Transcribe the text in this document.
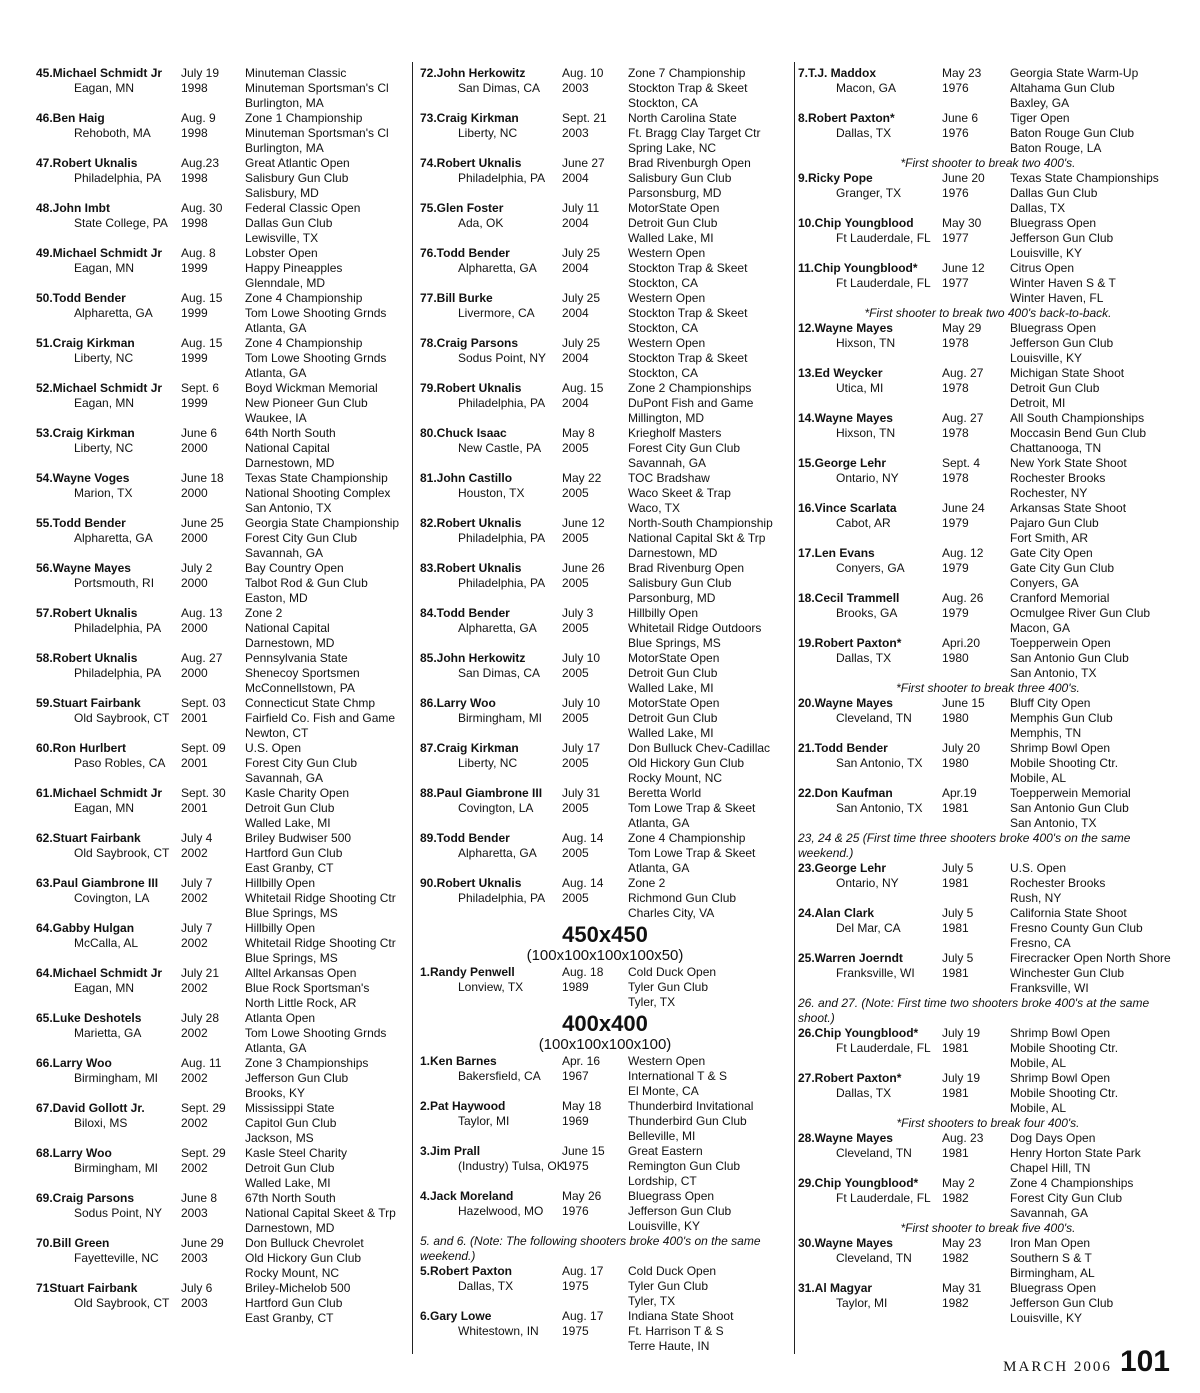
45.Michael Schmidt Jr
Eagan, MN
July 19
1998
Minuteman Classic
Minuteman Sportsman's Cl
Burlington, MA
46.Ben Haig
Rehoboth, MA
Aug. 9
1998
Zone 1 Championship
Minuteman Sportsman's Cl
Burlington, MA
47.Robert Uknalis
Philadelphia, PA
Aug.23
1998
Great Atlantic Open
Salisbury Gun Club
Salisbury, MD
48.John Imbt
State College, PA
Aug. 30
1998
Federal Classic Open
Dallas Gun Club
Lewisville, TX
49.Michael Schmidt Jr
Eagan, MN
Aug. 8
1999
Lobster Open
Happy Pineapples
Glenndale, MD
50.Todd Bender
Alpharetta, GA
Aug. 15
1999
Zone 4 Championship
Tom Lowe Shooting Grnds
Atlanta, GA
51.Craig Kirkman
Liberty, NC
Aug. 15
1999
Zone 4 Championship
Tom Lowe Shooting Grnds
Atlanta, GA
52.Michael Schmidt Jr
Eagan, MN
Sept. 6
1999
Boyd Wickman Memorial
New Pioneer Gun Club
Waukee, IA
53.Craig Kirkman
Liberty, NC
June 6
2000
64th North South
National Capital
Darnestown, MD
54.Wayne Voges
Marion, TX
June 18
2000
Texas State Championship
National Shooting Complex
San Antonio, TX
55.Todd Bender
Alpharetta, GA
June 25
2000
Georgia State Championship
Forest City Gun Club
Savannah, GA
56.Wayne Mayes
Portsmouth, RI
July 2
2000
Bay Country Open
Talbot Rod & Gun Club
Easton, MD
57.Robert Uknalis
Philadelphia, PA
Aug. 13
2000
Zone 2
National Capital
Darnestown, MD
58.Robert Uknalis
Philadelphia, PA
Aug. 27
2000
Pennsylvania State
Shenecoy Sportsmen
McConnellstown, PA
59.Stuart Fairbank
Old Saybrook, CT
Sept. 03
2001
Connecticut State Chmp
Fairfield Co. Fish and Game
Newton, CT
60.Ron Hurlbert
Paso Robles, CA
Sept. 09
2001
U.S. Open
Forest City Gun Club
Savannah, GA
61.Michael Schmidt Jr
Eagan, MN
Sept. 30
2001
Kasle Charity Open
Detroit Gun Club
Walled Lake, MI
62.Stuart Fairbank
Old Saybrook, CT
July 4
2002
Briley Budwiser 500
Hartford Gun Club
East Granby, CT
63.Paul Giambrone III
Covington, LA
July 7
2002
Hillbilly Open
Whitetail Ridge Shooting Ctr
Blue Springs, MS
64.Gabby Hulgan
McCalla, AL
July 7
2002
Hillbilly Open
Whitetail Ridge Shooting Ctr
Blue Springs, MS
64.Michael Schmidt Jr
Eagan, MN
July 21
2002
Alltel Arkansas Open
Blue Rock Sportsman's
North Little Rock, AR
65.Luke Deshotels
Marietta, GA
July 28
2002
Atlanta Open
Tom Lowe Shooting Grnds
Atlanta, GA
66.Larry Woo
Birmingham, MI
Aug. 11
2002
Zone 3 Championships
Jefferson Gun Club
Brooks, KY
67.David Gollott Jr.
Biloxi, MS
Sept. 29
2002
Mississippi State
Capitol Gun Club
Jackson, MS
68.Larry Woo
Birmingham, MI
Sept. 29
2002
Kasle Steel Charity
Detroit Gun Club
Walled Lake, MI
69.Craig Parsons
Sodus Point, NY
June 8
2003
67th North South
National Capital Skeet & Trp
Darnestown, MD
70.Bill Green
Fayetteville, NC
June 29
2003
Don Bulluck Chevrolet
Old Hickory Gun Club
Rocky Mount, NC
71Stuart Fairbank
Old Saybrook, CT
July 6
2003
Briley-Michelob 500
Hartford Gun Club
East Granby, CT
72.John Herkowitz
San Dimas, CA
Aug. 10
2003
Zone 7 Championship
Stockton Trap & Skeet
Stockton, CA
73.Craig Kirkman
Liberty, NC
Sept. 21
2003
North Carolina State
Ft. Bragg Clay Target Ctr
Spring Lake, NC
74.Robert Uknalis
Philadelphia, PA
June 27
2004
Brad Rivenburgh Open
Salisbury Gun Club
Parsonsburg, MD
75.Glen Foster
Ada, OK
July 11
2004
MotorState Open
Detroit Gun Club
Walled Lake, MI
76.Todd Bender
Alpharetta, GA
July 25
2004
Western Open
Stockton Trap & Skeet
Stockton, CA
77.Bill Burke
Livermore, CA
July 25
2004
Western Open
Stockton Trap & Skeet
Stockton, CA
78.Craig Parsons
Sodus Point, NY
July 25
2004
Western Open
Stockton Trap & Skeet
Stockton, CA
79.Robert Uknalis
Philadelphia, PA
Aug. 15
2004
Zone 2 Championships
DuPont Fish and Game
Millington, MD
80.Chuck Isaac
New Castle, PA
May 8
2005
Kriegholf Masters
Forest City Gun Club
Savannah, GA
81.John Castillo
Houston, TX
May 22
2005
TOC Bradshaw
Waco Skeet & Trap
Waco, TX
82.Robert Uknalis
Philadelphia, PA
June 12
2005
North-South Championship
National Capital Skt & Trp
Darnestown, MD
83.Robert Uknalis
Philadelphia, PA
June 26
2005
Brad Rivenburg Open
Salisbury Gun Club
Parsonburg, MD
84.Todd Bender
Alpharetta, GA
July 3
2005
Hillbilly Open
Whitetail Ridge Outdoors
Blue Springs, MS
85.John Herkowitz
San Dimas, CA
July 10
2005
MotorState Open
Detroit Gun Club
Walled Lake, MI
86.Larry Woo
Birmingham, MI
July 10
2005
MotorState Open
Detroit Gun Club
Walled Lake, MI
87.Craig Kirkman
Liberty, NC
July 17
2005
Don Bulluck Chev-Cadillac
Old Hickory Gun Club
Rocky Mount, NC
88.Paul Giambrone III
Covington, LA
July 31
2005
Beretta World
Tom Lowe Trap & Skeet
Atlanta, GA
89.Todd Bender
Alpharetta, GA
Aug. 14
2005
Zone 4 Championship
Tom Lowe Trap & Skeet
Atlanta, GA
90.Robert Uknalis
Philadelphia, PA
Aug. 14
2005
Zone 2
Richmond Gun Club
Charles City, VA
450x450
(100x100x100x100x50)
1.Randy Penwell
Lonview, TX
Aug. 18
1989
Cold Duck Open
Tyler Gun Club
Tyler, TX
400x400
(100x100x100x100)
1.Ken Barnes
Bakersfield, CA
Apr. 16
1967
Western Open
International T & S
El Monte, CA
2.Pat Haywood
Taylor, MI
May 18
1969
Thunderbird Invitational
Thunderbird Gun Club
Belleville, MI
3.Jim Prall
(Industry) Tulsa, OK
June 15
1975
Great Eastern
Remington Gun Club
Lordship, CT
4.Jack Moreland
Hazelwood, MO
May 26
1976
Bluegrass Open
Jefferson Gun Club
Louisville, KY
5. and 6. (Note: The following shooters broke 400's on the same weekend.)
5.Robert Paxton
Dallas, TX
Aug. 17
1975
Cold Duck Open
Tyler Gun Club
Tyler, TX
6.Gary Lowe
Whitestown, IN
Aug. 17
1975
Indiana State Shoot
Ft. Harrison T & S
Terre Haute, IN
7.T.J. Maddox
Macon, GA
May 23
1976
Georgia State Warm-Up
Altahama Gun Club
Baxley, GA
8.Robert Paxton*
Dallas, TX
June 6
1976
Tiger Open
Baton Rouge Gun Club
Baton Rouge, LA
*First shooter to break two 400's.
9.Ricky Pope
Granger, TX
June 20
1976
Texas State Championships
Dallas Gun Club
Dallas, TX
10.Chip Youngblood
Ft Lauderdale, FL
May 30
1977
Bluegrass Open
Jefferson Gun Club
Louisville, KY
11.Chip Youngblood*
Ft Lauderdale, FL
June 12
1977
Citrus Open
Winter Haven S & T
Winter Haven, FL
*First shooter to break two 400's back-to-back.
12.Wayne Mayes
Hixson, TN
May 29
1978
Bluegrass Open
Jefferson Gun Club
Louisville, KY
13.Ed Weycker
Utica, MI
Aug. 27
1978
Michigan State Shoot
Detroit Gun Club
Detroit, MI
14.Wayne Mayes
Hixson, TN
Aug. 27
1978
All South Championships
Moccasin Bend Gun Club
Chattanooga, TN
15.George Lehr
Ontario, NY
Sept. 4
1978
New York State Shoot
Rochester Brooks
Rochester, NY
16.Vince Scarlata
Cabot, AR
June 24
1979
Arkansas State Shoot
Pajaro Gun Club
Fort Smith, AR
17.Len Evans
Conyers, GA
Aug. 12
1979
Gate City Open
Gate City Gun Club
Conyers, GA
18.Cecil Trammell
Brooks, GA
Aug. 26
1979
Cranford Memorial
Ocmulgee River Gun Club
Macon, GA
19.Robert Paxton*
Dallas, TX
Apri.20
1980
Toepperwein Open
San Antonio Gun Club
San Antonio, TX
*First shooter to break three 400's.
20.Wayne Mayes
Cleveland, TN
June 15
1980
Bluff City Open
Memphis Gun Club
Memphis, TN
21.Todd Bender
San Antonio, TX
July 20
1980
Shrimp Bowl Open
Mobile Shooting Ctr.
Mobile, AL
22.Don Kaufman
San Antonio, TX
Apr.19
1981
Toepperwein Memorial
San Antonio Gun Club
San Antonio, TX
23, 24 & 25 (First time three shooters broke 400's on the same weekend.)
23.George Lehr
Ontario, NY
July 5
1981
U.S. Open
Rochester Brooks
Rush, NY
24.Alan Clark
Del Mar, CA
July 5
1981
California State Shoot
Fresno County Gun Club
Fresno, CA
25.Warren Joerndt
Franksville, WI
July 5
1981
Firecracker Open North Shore
Winchester Gun Club
Franksville, WI
26. and 27. (Note: First time two shooters broke 400's at the same shoot.)
26.Chip Youngblood*
Ft Lauderdale, FL
July 19
1981
Shrimp Bowl Open
Mobile Shooting Ctr.
Mobile, AL
27.Robert Paxton*
Dallas, TX
July 19
1981
Shrimp Bowl Open
Mobile Shooting Ctr.
Mobile, AL
*First shooters to break four 400's.
28.Wayne Mayes
Cleveland, TN
Aug. 23
1981
Dog Days Open
Henry Horton State Park
Chapel Hill, TN
29.Chip Youngblood*
Ft Lauderdale, FL
May 2
1982
Zone 4 Championships
Forest City Gun Club
Savannah, GA
*First shooter to break five 400's.
30.Wayne Mayes
Cleveland, TN
May 23
1982
Iron Man Open
Southern S & T
Birmingham, AL
31.Al Magyar
Taylor, MI
May 31
1982
Bluegrass Open
Jefferson Gun Club
Louisville, KY
MARCH 2006 101
